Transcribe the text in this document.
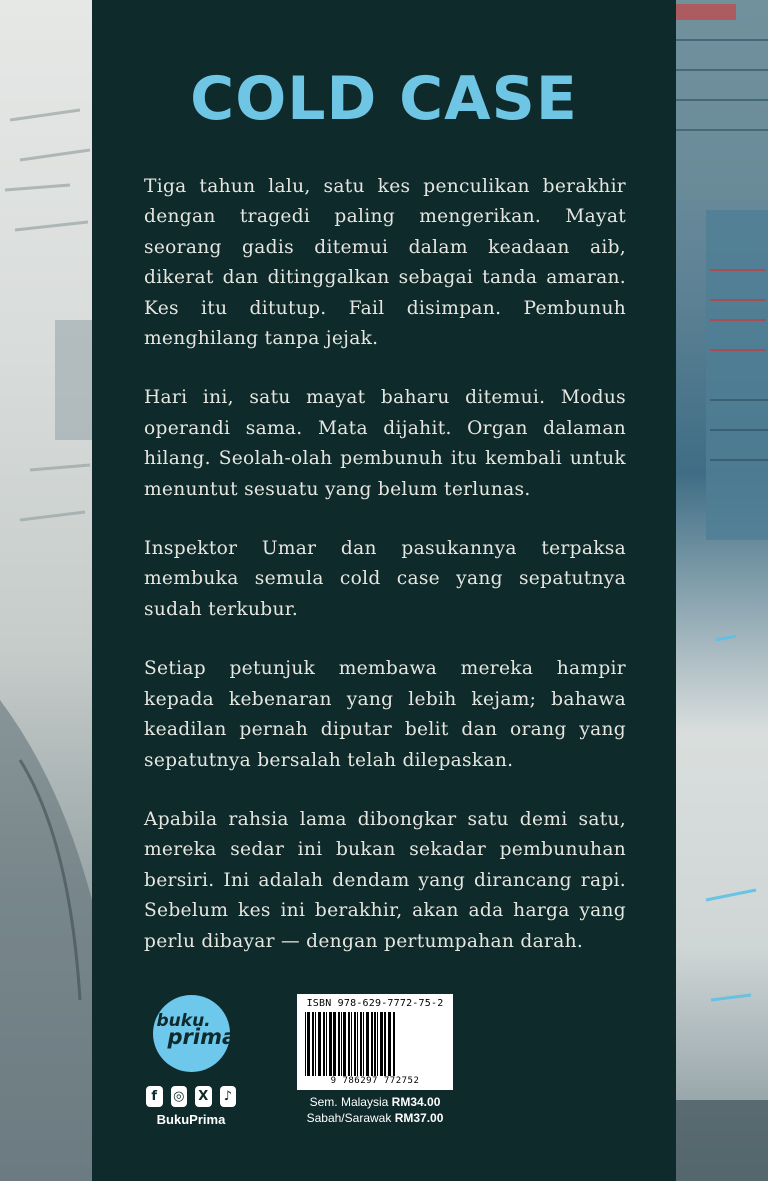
COLD CASE

Tiga tahun lalu, satu kes penculikan berakhir dengan tragedi paling mengerikan. Mayat seorang gadis ditemui dalam keadaan aib, dikerat dan ditinggalkan sebagai tanda amaran. Kes itu ditutup. Fail disimpan. Pembunuh menghilang tanpa jejak.

Hari ini, satu mayat baharu ditemui. Modus operandi sama. Mata dijahit. Organ dalaman hilang. Seolah-olah pembunuh itu kembali untuk menuntut sesuatu yang belum terlunas.

Inspektor Umar dan pasukannya terpaksa membuka semula cold case yang sepatutnya sudah terkubur.

Setiap petunjuk membawa mereka hampir kepada kebenaran yang lebih kejam; bahawa keadilan pernah diputar belit dan orang yang sepatutnya bersalah telah dilepaskan.

Apabila rahsia lama dibongkar satu demi satu, mereka sedar ini bukan sekadar pembunuhan bersiri. Ini adalah dendam yang dirancang rapi. Sebelum kes ini berakhir, akan ada harga yang perlu dibayar — dengan pertumpahan darah.

buku.
prima
f	◎ X	♪
BukuPrima
ISBN 978-629-7772-75-2
9 786297 772752
Sem. Malaysia RM34.00
Sabah/Sarawak RM37.00
